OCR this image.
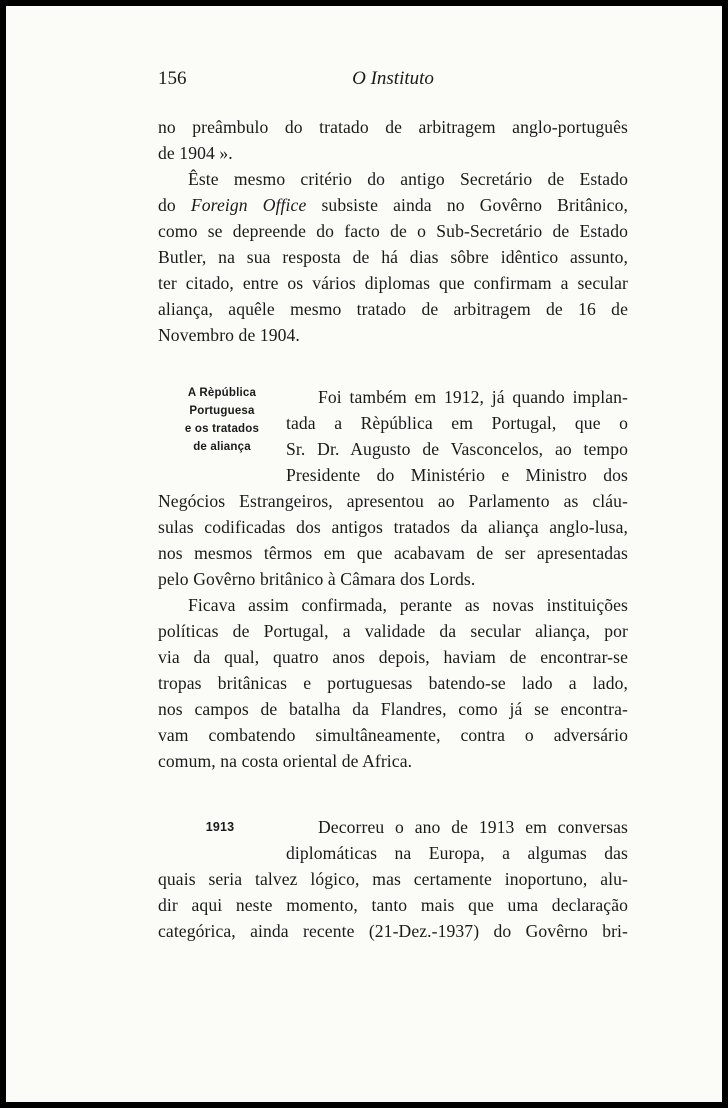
156	O Instituto
no preâmbulo do tratado de arbitragem anglo-português
de 1904 ».
Êste mesmo critério do antigo Secretário de Estado
do Foreign Office subsiste ainda no Govêrno Britânico,
como se depreende do facto de o Sub-Secretário de Estado
Butler, na sua resposta de há dias sôbre idêntico assunto,
ter citado, entre os vários diplomas que confirmam a secular
aliança, aquêle mesmo tratado de arbitragem de 16 de
Novembro de 1904.
A Rèpública
Portuguesa
e os tratados
de aliança
Foi também em 1912, já quando implan-
tada a Rèpública em Portugal, que o
Sr. Dr. Augusto de Vasconcelos, ao tempo
Presidente do Ministério e Ministro dos
Negócios Estrangeiros, apresentou ao Parlamento as cláu-
sulas codificadas dos antigos tratados da aliança anglo-lusa,
nos mesmos têrmos em que acabavam de ser apresentadas
pelo Govêrno britânico à Câmara dos Lords.
Ficava assim confirmada, perante as novas instituições
políticas de Portugal, a validade da secular aliança, por
via da qual, quatro anos depois, haviam de encontrar-se
tropas britânicas e portuguesas batendo-se lado a lado,
nos campos de batalha da Flandres, como já se encontra-
vam combatendo simultâneamente, contra o adversário
comum, na costa oriental de Africa.
1913	Decorreu o ano de 1913 em conversas
diplomáticas na Europa, a algumas das
quais seria talvez lógico, mas certamente inoportuno, alu-
dir aqui neste momento, tanto mais que uma declaração
categórica, ainda recente (21-Dez.-1937) do Govêrno bri-
